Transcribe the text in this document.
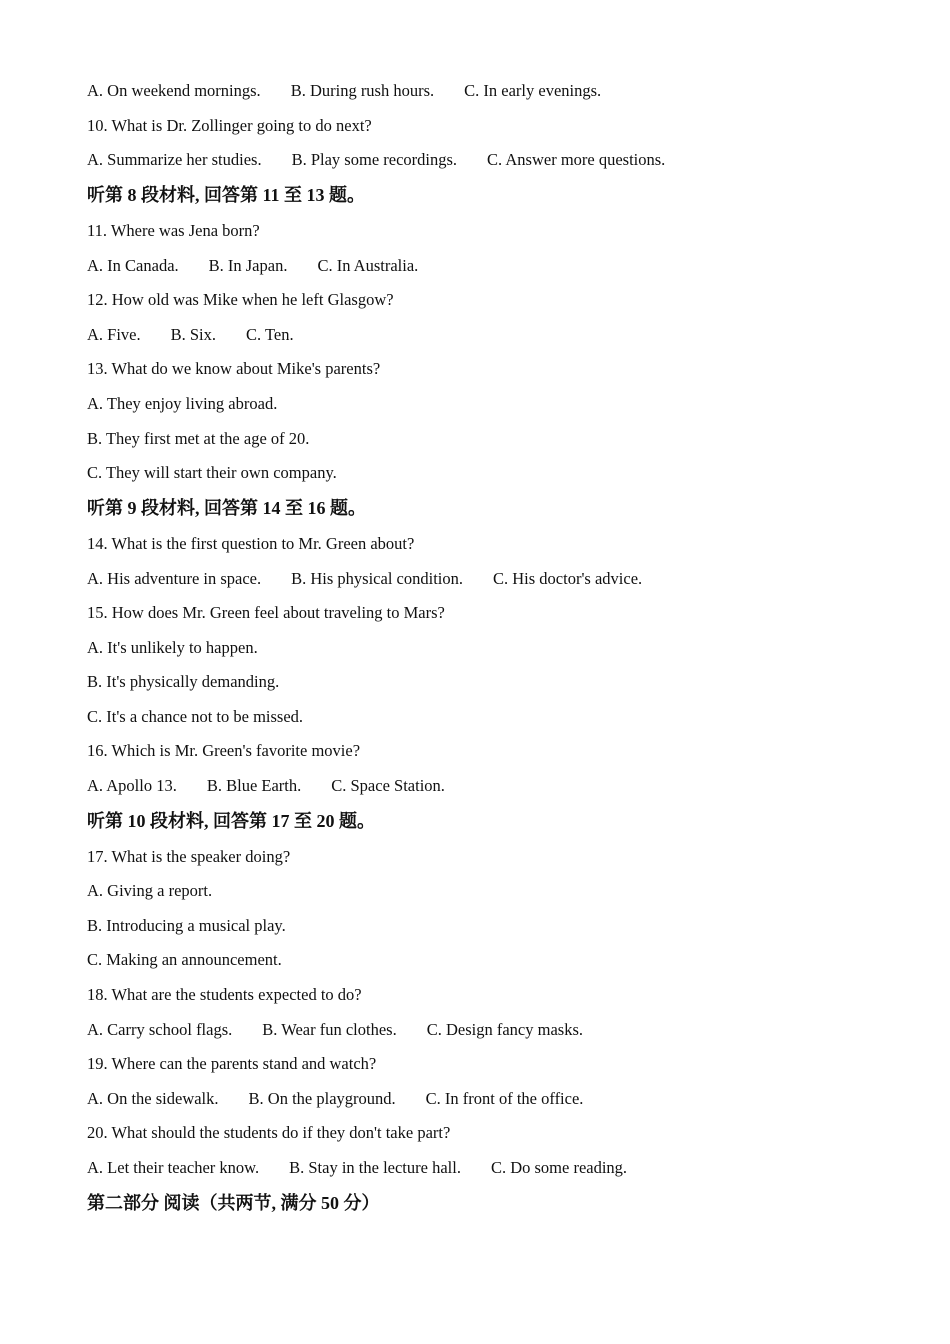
A. On weekend mornings. B. During rush hours. C. In early evenings.
10. What is Dr. Zollinger going to do next?
A. Summarize her studies. B. Play some recordings. C. Answer more questions.
听第 8 段材料, 回答第 11 至 13 题。
11. Where was Jena born?
A. In Canada. B. In Japan. C. In Australia.
12. How old was Mike when he left Glasgow?
A. Five. B. Six. C. Ten.
13. What do we know about Mike's parents?
A. They enjoy living abroad.
B. They first met at the age of 20.
C. They will start their own company.
听第 9 段材料, 回答第 14 至 16 题。
14. What is the first question to Mr. Green about?
A. His adventure in space. B. His physical condition. C. His doctor's advice.
15. How does Mr. Green feel about traveling to Mars?
A. It's unlikely to happen.
B. It's physically demanding.
C. It's a chance not to be missed.
16. Which is Mr. Green's favorite movie?
A. Apollo 13. B. Blue Earth. C. Space Station.
听第 10 段材料, 回答第 17 至 20 题。
17. What is the speaker doing?
A. Giving a report.
B. Introducing a musical play.
C. Making an announcement.
18. What are the students expected to do?
A. Carry school flags. B. Wear fun clothes. C. Design fancy masks.
19. Where can the parents stand and watch?
A. On the sidewalk. B. On the playground. C. In front of the office.
20. What should the students do if they don't take part?
A. Let their teacher know. B. Stay in the lecture hall. C. Do some reading.
第二部分 阅读（共两节, 满分 50 分）
